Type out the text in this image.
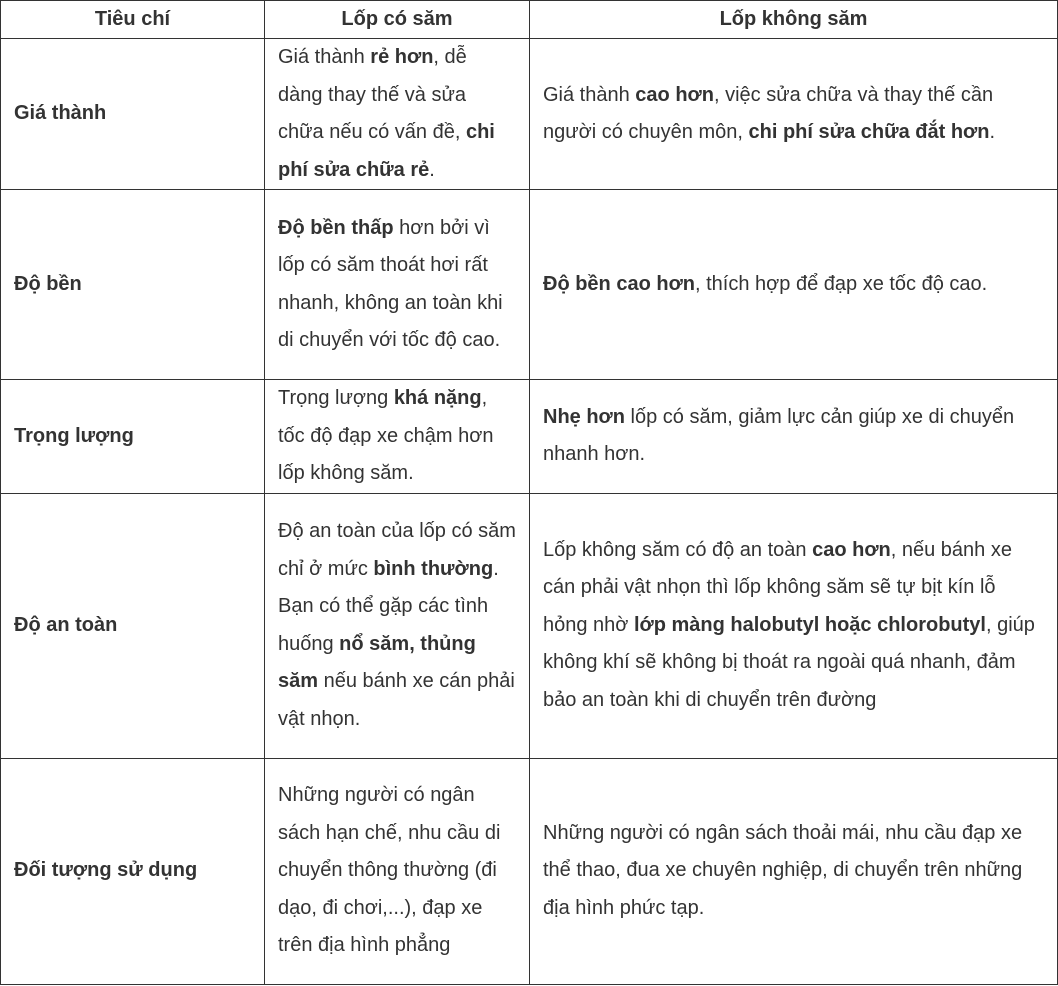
Tiêu chí	Lốp có săm	Lốp không săm
Giá thành	Giá thành rẻ hơn, dễ dàng thay thế và sửa chữa nếu có vấn đề, chi phí sửa chữa rẻ.	Giá thành cao hơn, việc sửa chữa và thay thế cần người có chuyên môn, chi phí sửa chữa đắt hơn.
Độ bền	Độ bền thấp hơn bởi vì lốp có săm thoát hơi rất nhanh, không an toàn khi di chuyển với tốc độ cao.	Độ bền cao hơn, thích hợp để đạp xe tốc độ cao.
Trọng lượng	Trọng lượng khá nặng, tốc độ đạp xe chậm hơn lốp không săm.	Nhẹ hơn lốp có săm, giảm lực cản giúp xe di chuyển nhanh hơn.
Độ an toàn	Độ an toàn của lốp có săm chỉ ở mức bình thường. Bạn có thể gặp các tình huống nổ săm, thủng săm nếu bánh xe cán phải vật nhọn.	Lốp không săm có độ an toàn cao hơn, nếu bánh xe cán phải vật nhọn thì lốp không săm sẽ tự bịt kín lỗ hỏng nhờ lớp màng halobutyl hoặc chlorobutyl, giúp không khí sẽ không bị thoát ra ngoài quá nhanh, đảm bảo an toàn khi di chuyển trên đường
Đối tượng sử dụng	Những người có ngân sách hạn chế, nhu cầu di chuyển thông thường (đi dạo, đi chơi,...), đạp xe trên địa hình phẳng	Những người có ngân sách thoải mái, nhu cầu đạp xe thể thao, đua xe chuyên nghiệp, di chuyển trên những địa hình phức tạp.
